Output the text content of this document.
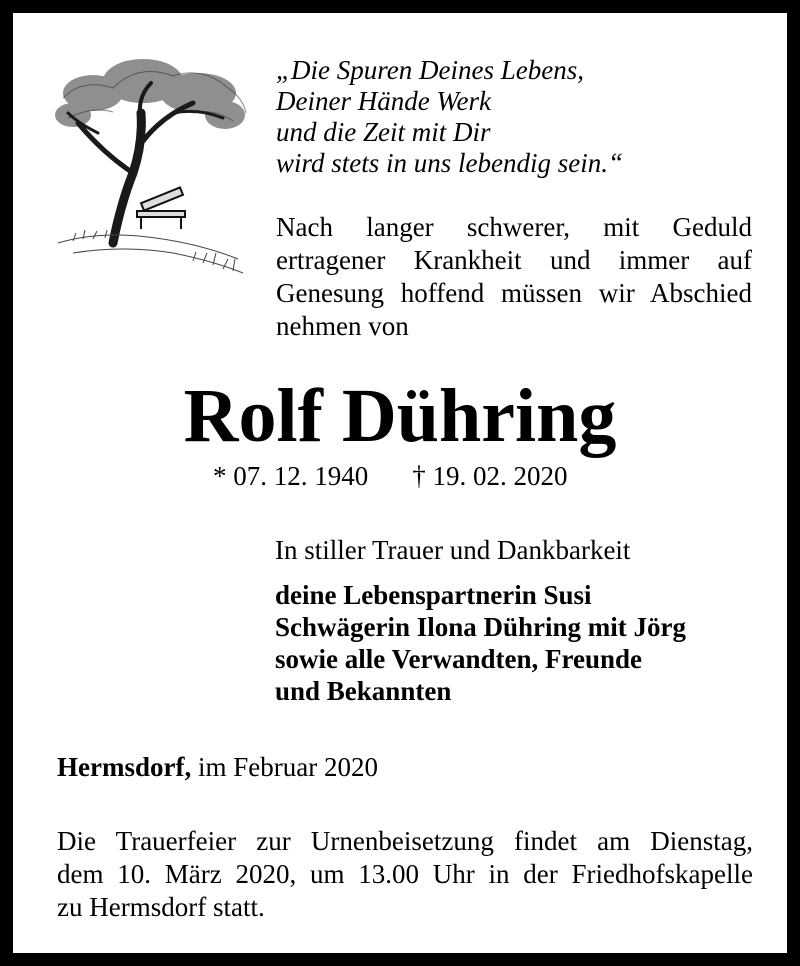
„Die Spuren Deines Lebens,
Deiner Hände Werk
und die Zeit mit Dir
wird stets in uns lebendig sein.“
Nach langer schwerer, mit Geduld
ertragener Krankheit und immer auf
Genesung hoffend müssen wir Abschied
nehmen von
Rolf Dühring
* 07. 12. 1940 † 19. 02. 2020
In stiller Trauer und Dankbarkeit
deine Lebenspartnerin Susi
Schwägerin Ilona Dühring mit Jörg
sowie alle Verwandten, Freunde
und Bekannten
Hermsdorf, im Februar 2020
Die Trauerfeier zur Urnenbeisetzung findet am Dienstag,
dem 10. März 2020, um 13.00 Uhr in der Friedhofskapelle
zu Hermsdorf statt.
